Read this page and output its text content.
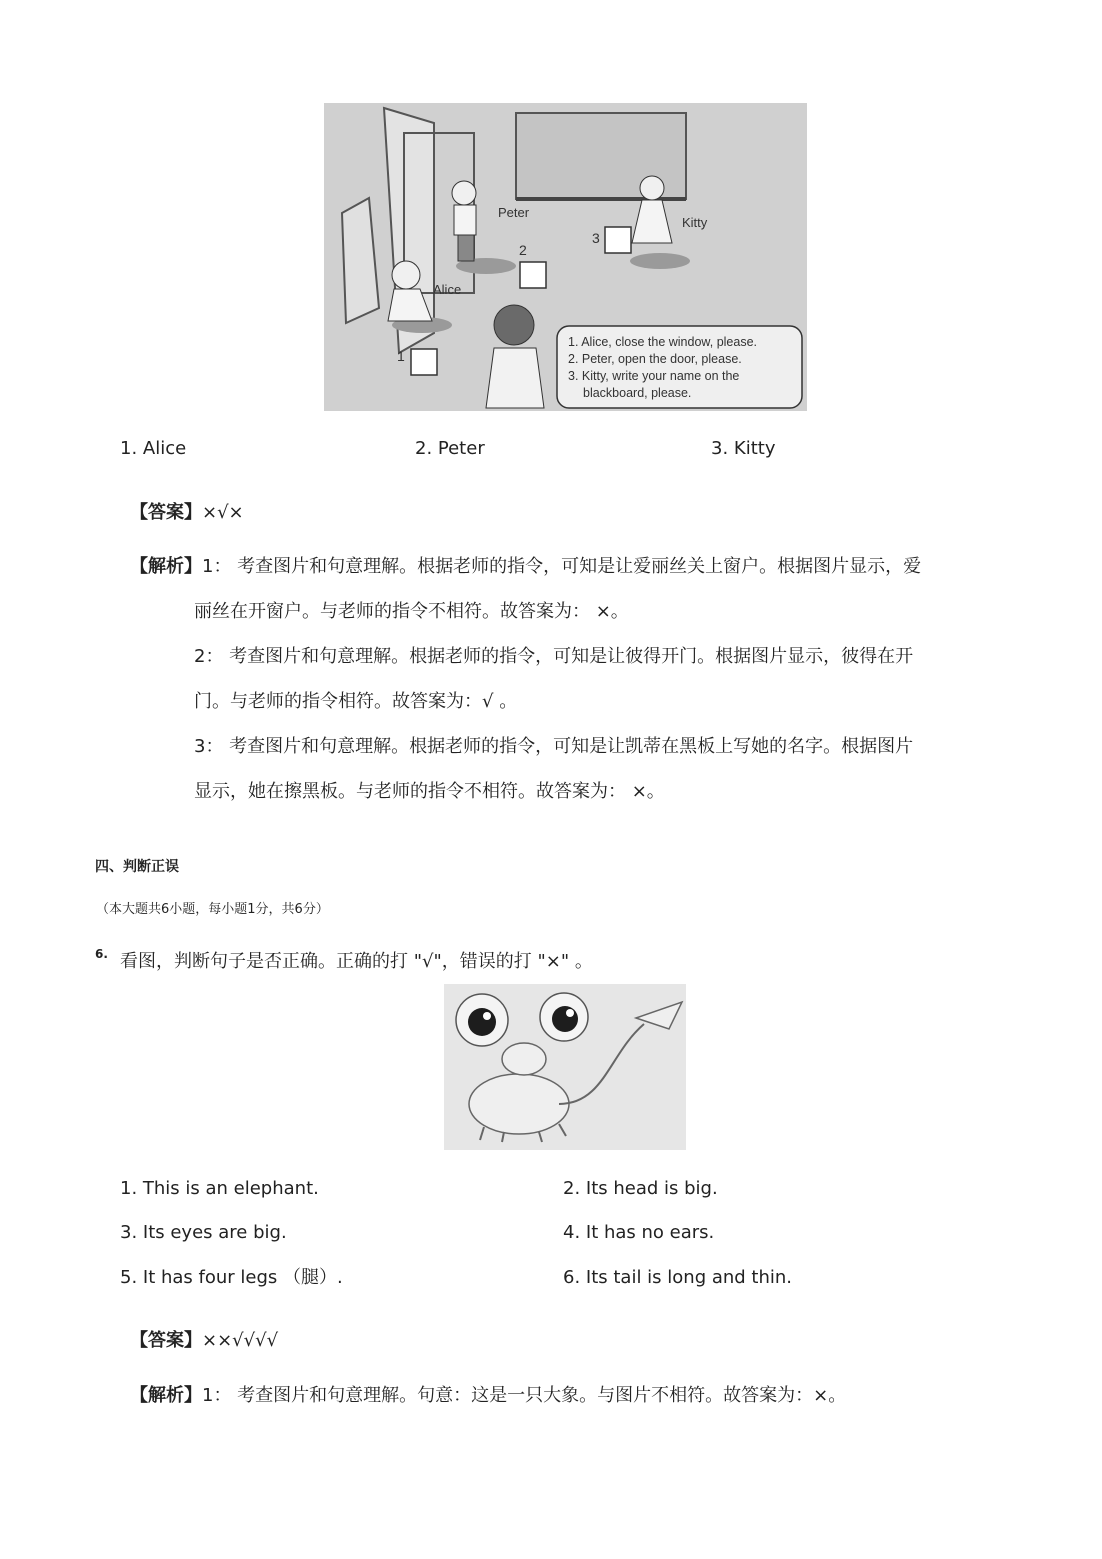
1
2
3
Peter
Kitty
Alice
1. Alice, close the window, please.
2. Peter, open the door, please.
3. Kitty, write your name on the
blackboard, please.
1. Alice	2. Peter	3. Kitty
【答案】×√×
【解析】1： 考查图片和句意理解。根据老师的指令，可知是让爱丽丝关上窗户。根据图片显示，爱
丽丝在开窗户。与老师的指令不相符。故答案为： ×。
2： 考查图片和句意理解。根据老师的指令，可知是让彼得开门。根据图片显示，彼得在开
门。与老师的指令相符。故答案为：√ 。
3： 考查图片和句意理解。根据老师的指令，可知是让凯蒂在黑板上写她的名字。根据图片
显示，她在擦黑板。与老师的指令不相符。故答案为： ×。
四、判断正误
（本大题共6小题，每小题1分，共6分）
6. 看图，判断句子是否正确。正确的打 "√"，错误的打 "×" 。
1. This is an elephant.	2. Its head is big.
3. Its eyes are big.	4. It has no ears.
5. It has four legs （腿）.	6. Its tail is long and thin.
【答案】××√√√√
【解析】1： 考查图片和句意理解。句意：这是一只大象。与图片不相符。故答案为：×。
